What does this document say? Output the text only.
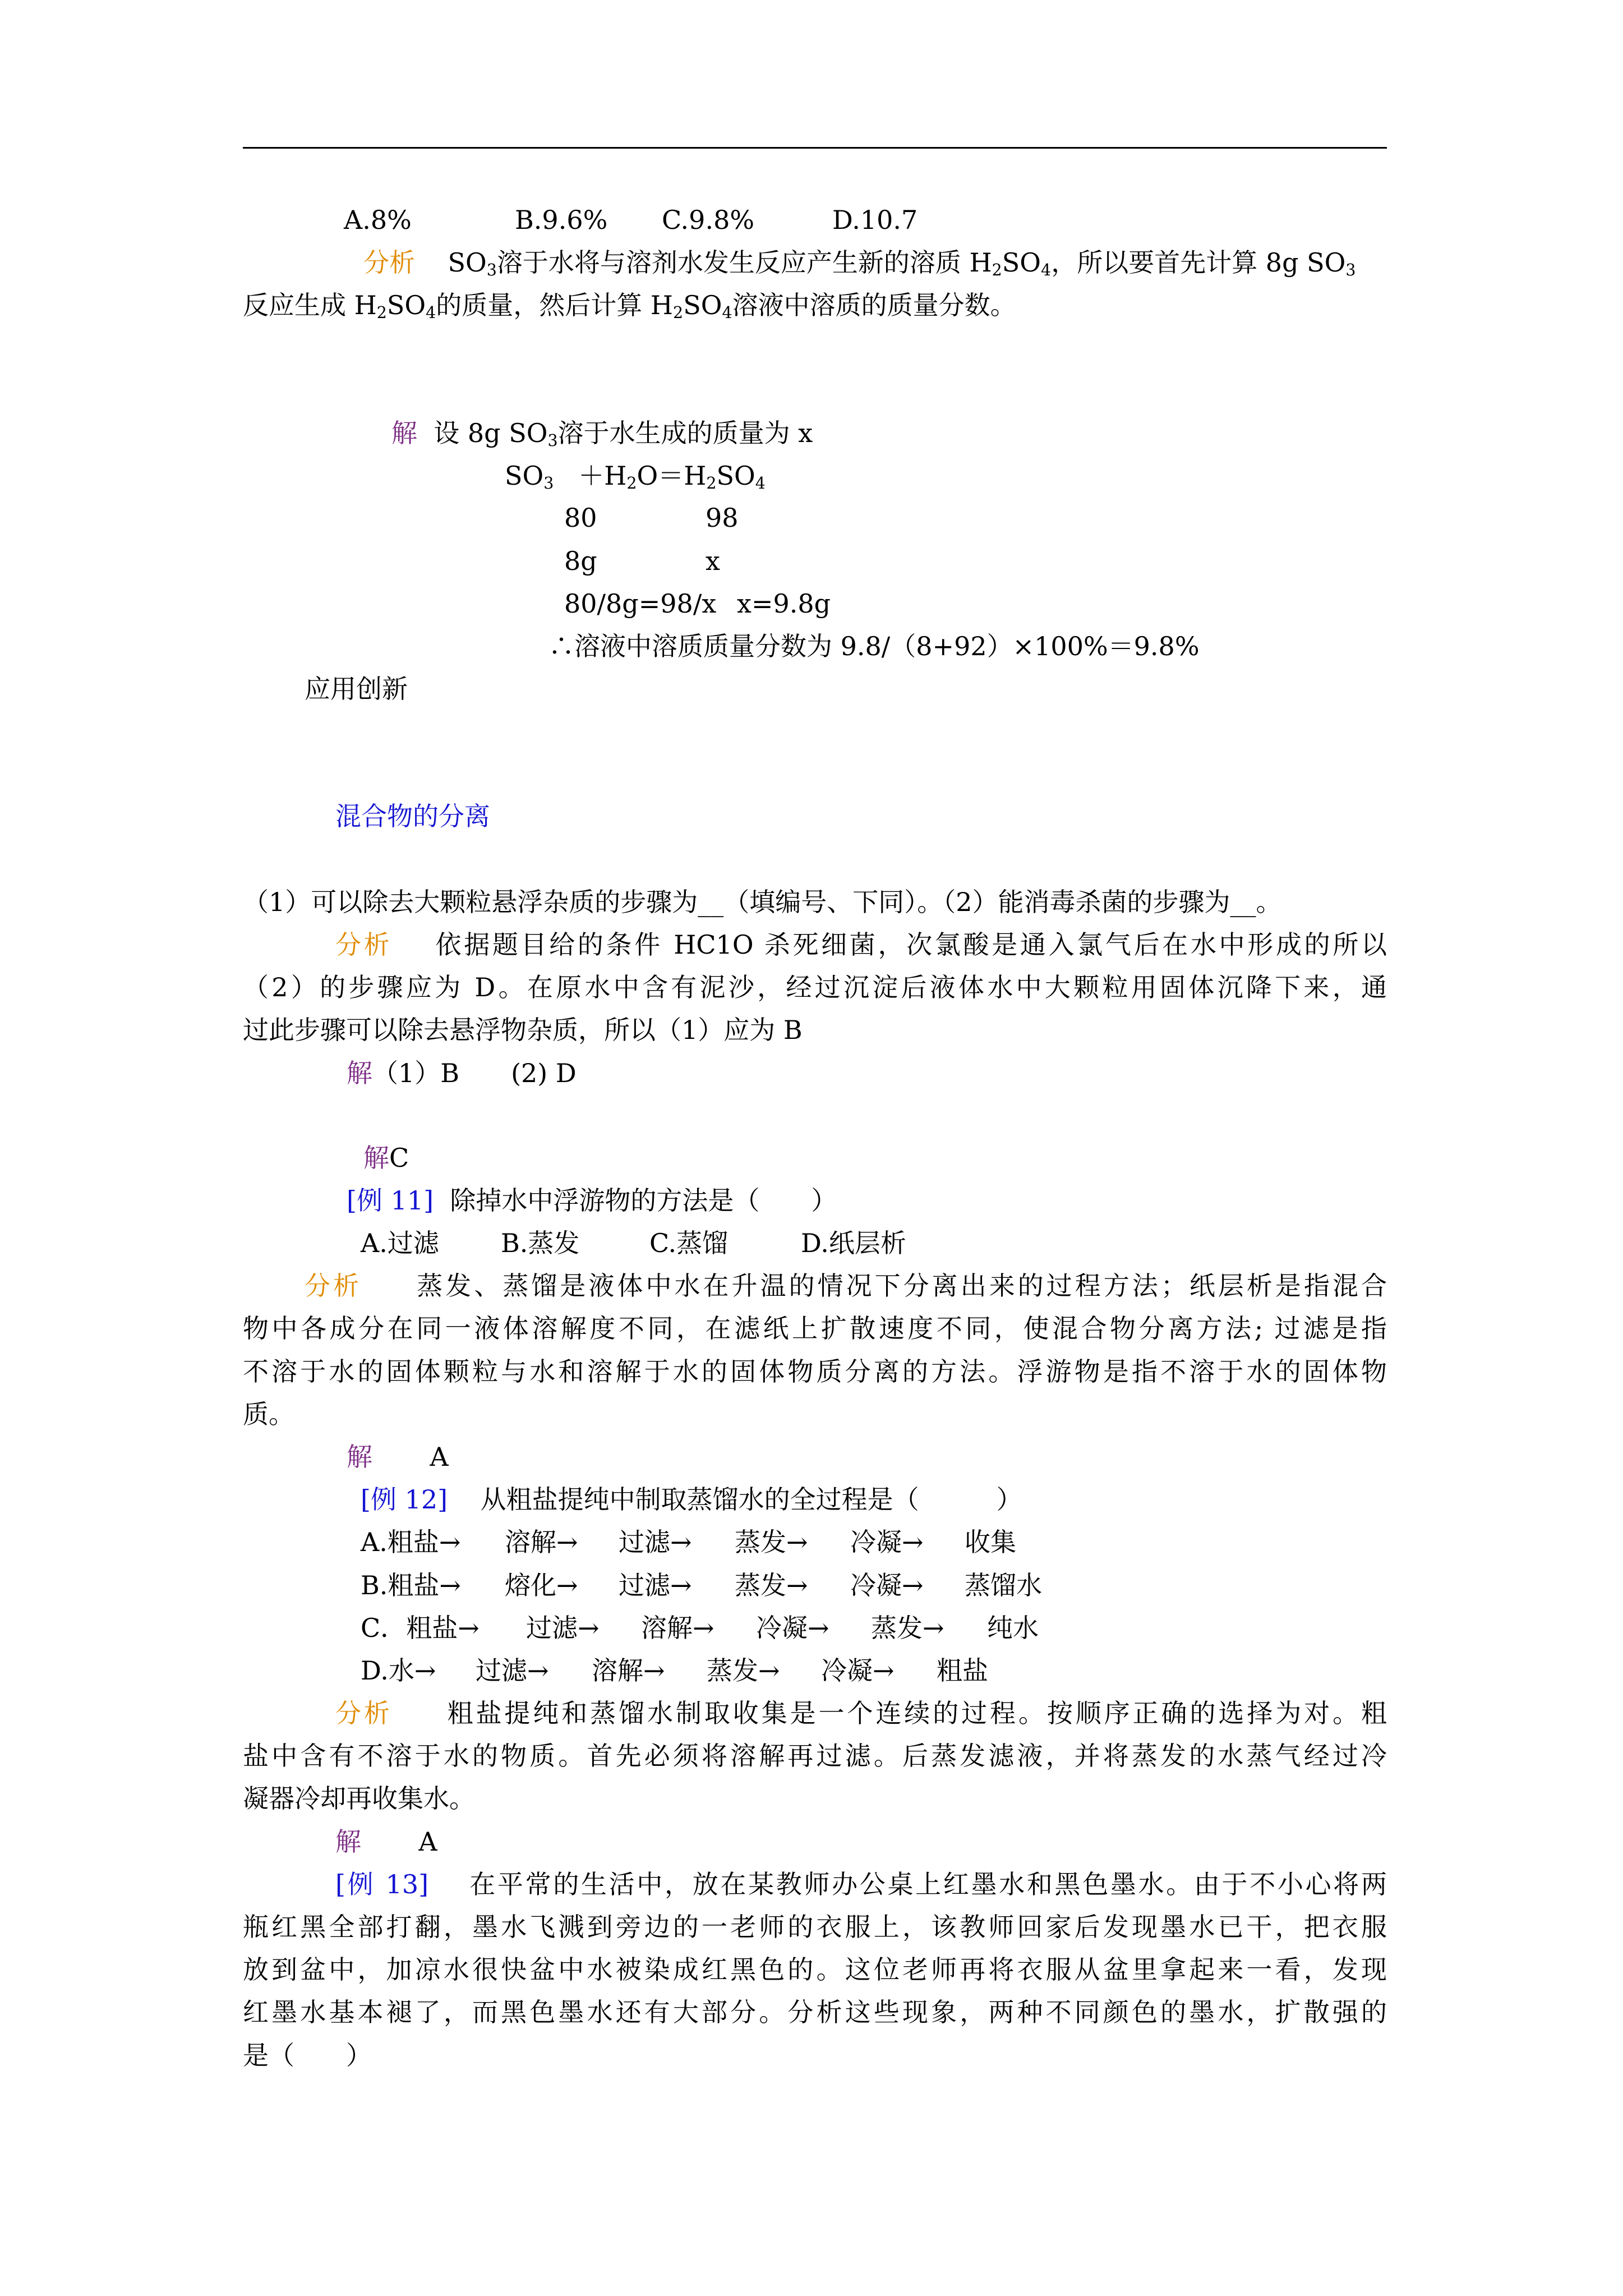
A.8%	B.9.6% C.9.8%	D.10.7
分析 $SO_3$溶于水将与溶剂水发生反应产生新的溶质 $H_2SO_4$，所以要首先计算 8g $SO_3$
反应生成 $H_2SO_4$的质量，然后计算 $H_2SO_4$溶液中溶质的质量分数。
解 设 8g $SO_3$溶于水生成的质量为 x
$SO_3 +H_2O=H_2SO_4$
80	98
8g	x
80/8g=98/x x=9.8g
∴溶液中溶质质量分数为 9.8/（8+92）×100%＝9.8%
应用创新
混合物的分离
（1）可以除去大颗粒悬浮杂质的步骤为__（填编号、下同）。（2）能消毒杀菌的步骤为__。
分析 依据题目给的条件 HC1O 杀死细菌，次氯酸是通入氯气后在水中形成的所以
（2）的步骤应为 D。在原水中含有泥沙，经过沉淀后液体水中大颗粒用固体沉降下来，通
过此步骤可以除去悬浮物杂质，所以（1）应为 B
解（1）B　　(2) D
解C
[例 11] 除掉水中浮游物的方法是（　　）
A.过滤 B.蒸发	C.蒸馏	D.纸层析
分析 蒸发、蒸馏是液体中水在升温的情况下分离出来的过程方法；纸层析是指混合
物中各成分在同一液体溶解度不同，在滤纸上扩散速度不同，使混合物分离方法; 过滤是指
不溶于水的固体颗粒与水和溶解于水的固体物质分离的方法。浮游物是指不溶于水的固体物
质。
解 A
[例 12] 从粗盐提纯中制取蒸馏水的全过程是（　　　）
A.粗盐→ 溶解→ 过滤→ 蒸发→ 冷凝→ 收集
B.粗盐→ 熔化→ 过滤→ 蒸发→ 冷凝→ 蒸馏水
C．粗盐→ 过滤→ 溶解→ 冷凝→ 蒸发→ 纯水
D.水→ 过滤→ 溶解→ 蒸发→ 冷凝→ 粗盐
分析 粗盐提纯和蒸馏水制取收集是一个连续的过程。按顺序正确的选择为对。粗
盐中含有不溶于水的物质。首先必须将溶解再过滤。后蒸发滤液，并将蒸发的水蒸气经过冷
凝器冷却再收集水。
解 A
[例 13] 在平常的生活中，放在某教师办公桌上红墨水和黑色墨水。由于不小心将两
瓶红黑全部打翻，墨水飞溅到旁边的一老师的衣服上，该教师回家后发现墨水已干，把衣服
放到盆中，加凉水很快盆中水被染成红黑色的。这位老师再将衣服从盆里拿起来一看，发现
红墨水基本褪了，而黑色墨水还有大部分。分析这些现象，两种不同颜色的墨水，扩散强的
是（　　）
